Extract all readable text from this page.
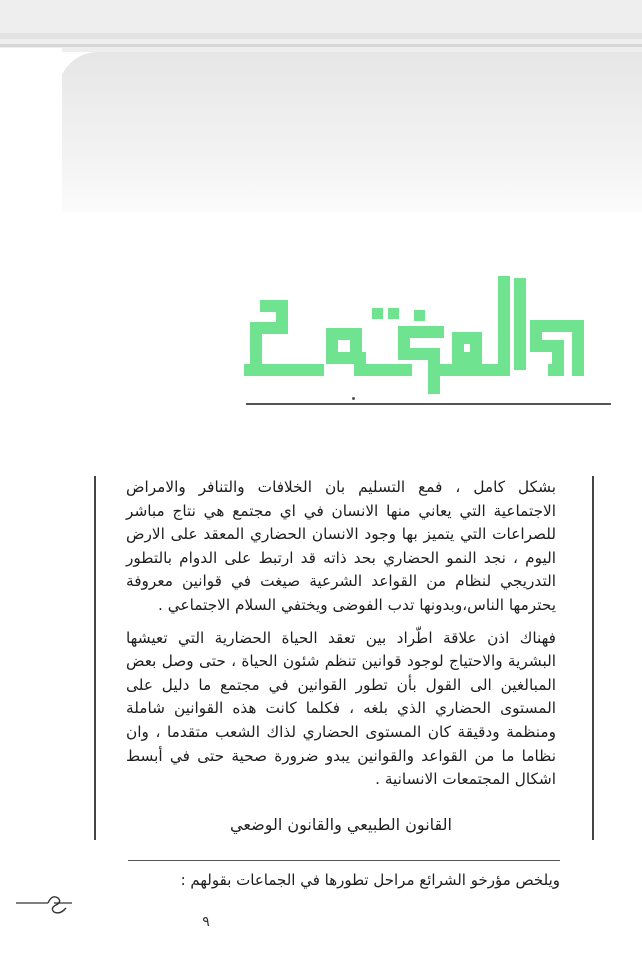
بشكل كامل ، فمع التسليم بان الخلافات والتنافر والامراض الاجتماعية التي يعاني منها الانسان في اي مجتمع هي نتاج مباشر للصراعات التي يتميز بها وجود الانسان الحضاري المعقد على الارض اليوم ، نجد النمو الحضاري بحد ذاته قد ارتبط على الدوام بالتطور التدريجي لنظام من القواعد الشرعية صيغت في قوانين معروفة يحترمها الناس،وبدونها تدب الفوضى ويختفي السلام الاجتماعي .

فهناك اذن علاقة اطّراد بين تعقد الحياة الحضارية التي تعيشها البشرية والاحتياج لوجود قوانين تنظم شئون الحياة ، حتى وصل بعض المبالغين الى القول بأن تطور القوانين في مجتمع ما دليل على المستوى الحضاري الذي بلغه ، فكلما كانت هذه القوانين شاملة ومنظمة ودقيقة كان المستوى الحضاري لذاك الشعب متقدما ، وان نظاما ما من القواعد والقوانين يبدو ضرورة صحية حتى في أبسط اشكال المجتمعات الانسانية .

القانون الطبيعي والقانون الوضعي
ويلخص مؤرخو الشرائع مراحل تطورها في الجماعات بقولهم :
٩
